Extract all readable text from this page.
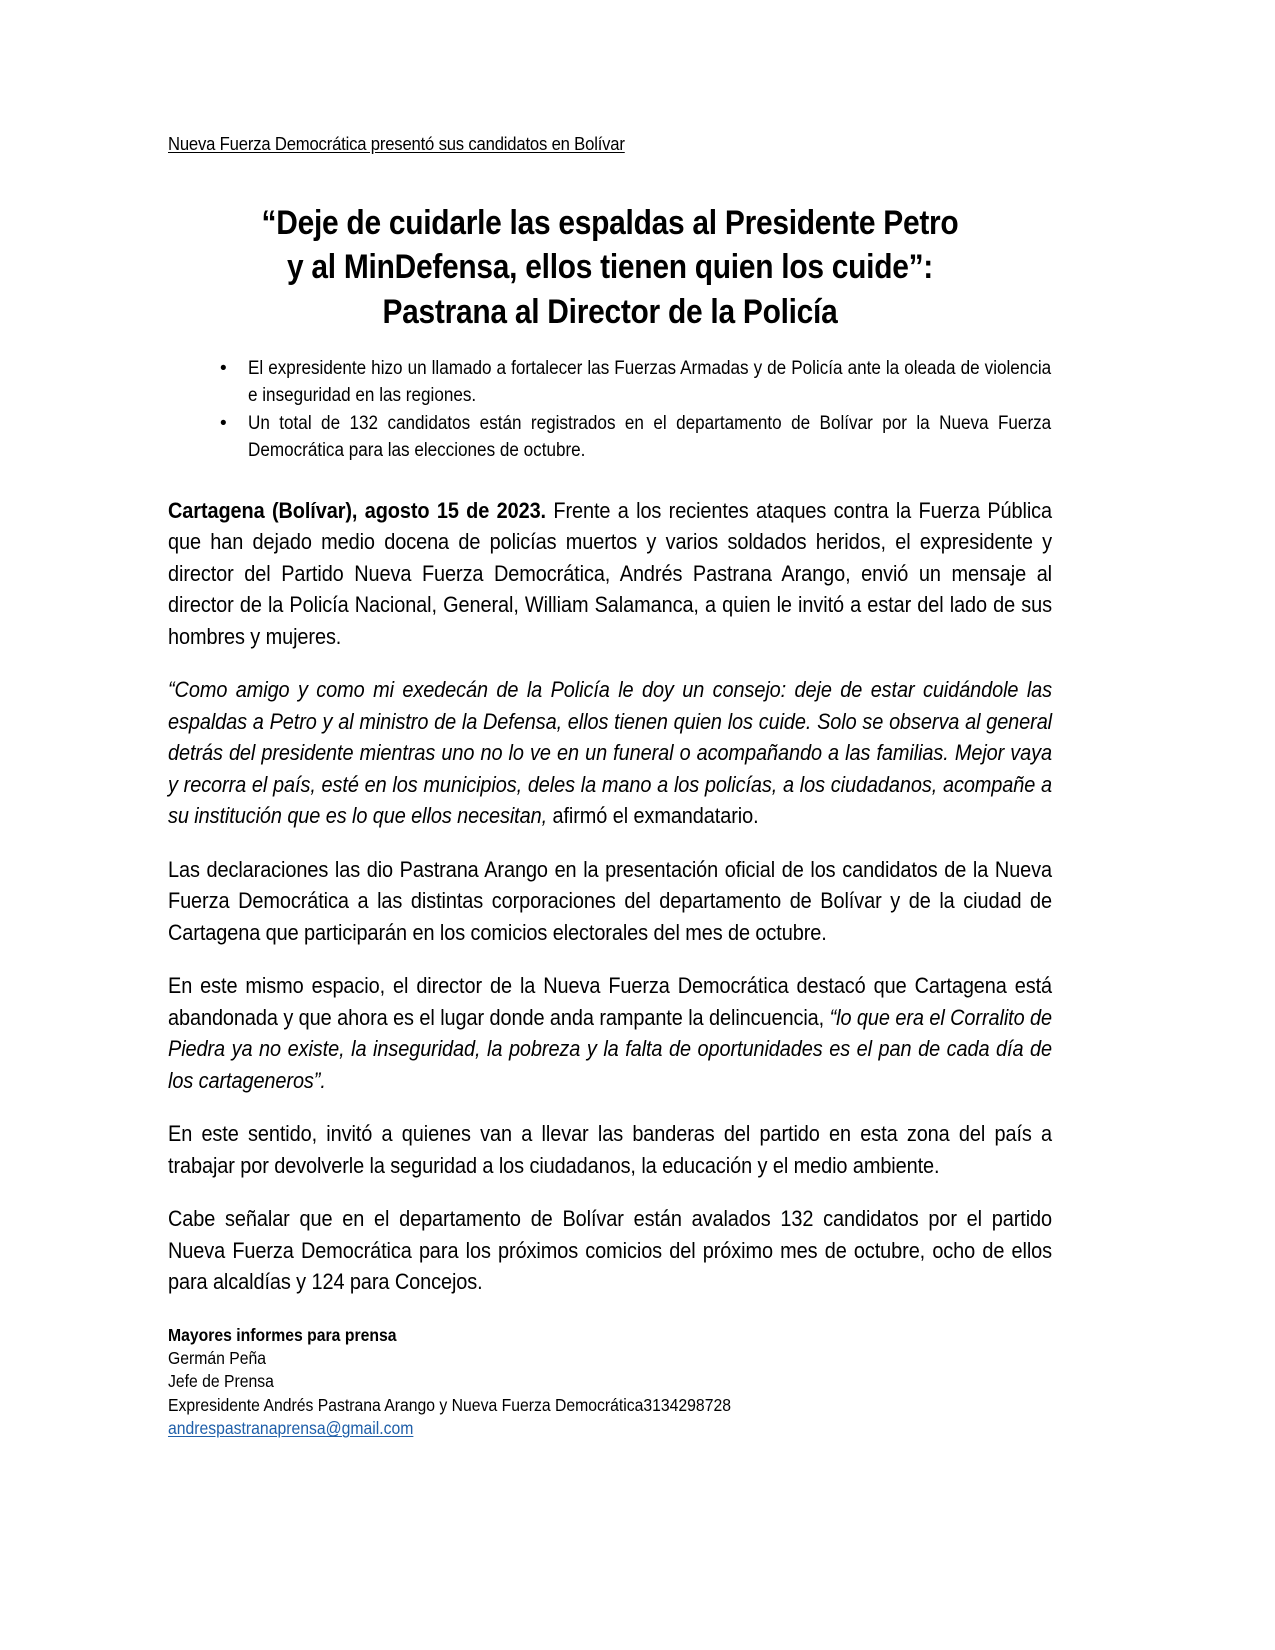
Nueva Fuerza Democrática presentó sus candidatos en Bolívar
“Deje de cuidarle las espaldas al Presidente Petro
y al MinDefensa, ellos tienen quien los cuide”:
Pastrana al Director de la Policía
• El expresidente hizo un llamado a fortalecer las Fuerzas Armadas y de Policía ante la oleada de violencia e inseguridad en las regiones.
• Un total de 132 candidatos están registrados en el departamento de Bolívar por la Nueva Fuerza Democrática para las elecciones de octubre.

Cartagena (Bolívar), agosto 15 de 2023. Frente a los recientes ataques contra la Fuerza Pública que han dejado medio docena de policías muertos y varios soldados heridos, el expresidente y director del Partido Nueva Fuerza Democrática, Andrés Pastrana Arango, envió un mensaje al director de la Policía Nacional, General, William Salamanca, a quien le invitó a estar del lado de sus hombres y mujeres.

“Como amigo y como mi exedecán de la Policía le doy un consejo: deje de estar cuidándole las espaldas a Petro y al ministro de la Defensa, ellos tienen quien los cuide. Solo se observa al general detrás del presidente mientras uno no lo ve en un funeral o acompañando a las familias. Mejor vaya y recorra el país, esté en los municipios, deles la mano a los policías, a los ciudadanos, acompañe a su institución que es lo que ellos necesitan, afirmó el exmandatario.

Las declaraciones las dio Pastrana Arango en la presentación oficial de los candidatos de la Nueva Fuerza Democrática a las distintas corporaciones del departamento de Bolívar y de la ciudad de Cartagena que participarán en los comicios electorales del mes de octubre.

En este mismo espacio, el director de la Nueva Fuerza Democrática destacó que Cartagena está abandonada y que ahora es el lugar donde anda rampante la delincuencia, “lo que era el Corralito de Piedra ya no existe, la inseguridad, la pobreza y la falta de oportunidades es el pan de cada día de los cartageneros”.

En este sentido, invitó a quienes van a llevar las banderas del partido en esta zona del país a trabajar por devolverle la seguridad a los ciudadanos, la educación y el medio ambiente.

Cabe señalar que en el departamento de Bolívar están avalados 132 candidatos por el partido Nueva Fuerza Democrática para los próximos comicios del próximo mes de octubre, ocho de ellos para alcaldías y 124 para Concejos.

Mayores informes para prensa
Germán Peña
Jefe de Prensa
Expresidente Andrés Pastrana Arango y Nueva Fuerza Democrática3134298728
andrespastranaprensa@gmail.com
